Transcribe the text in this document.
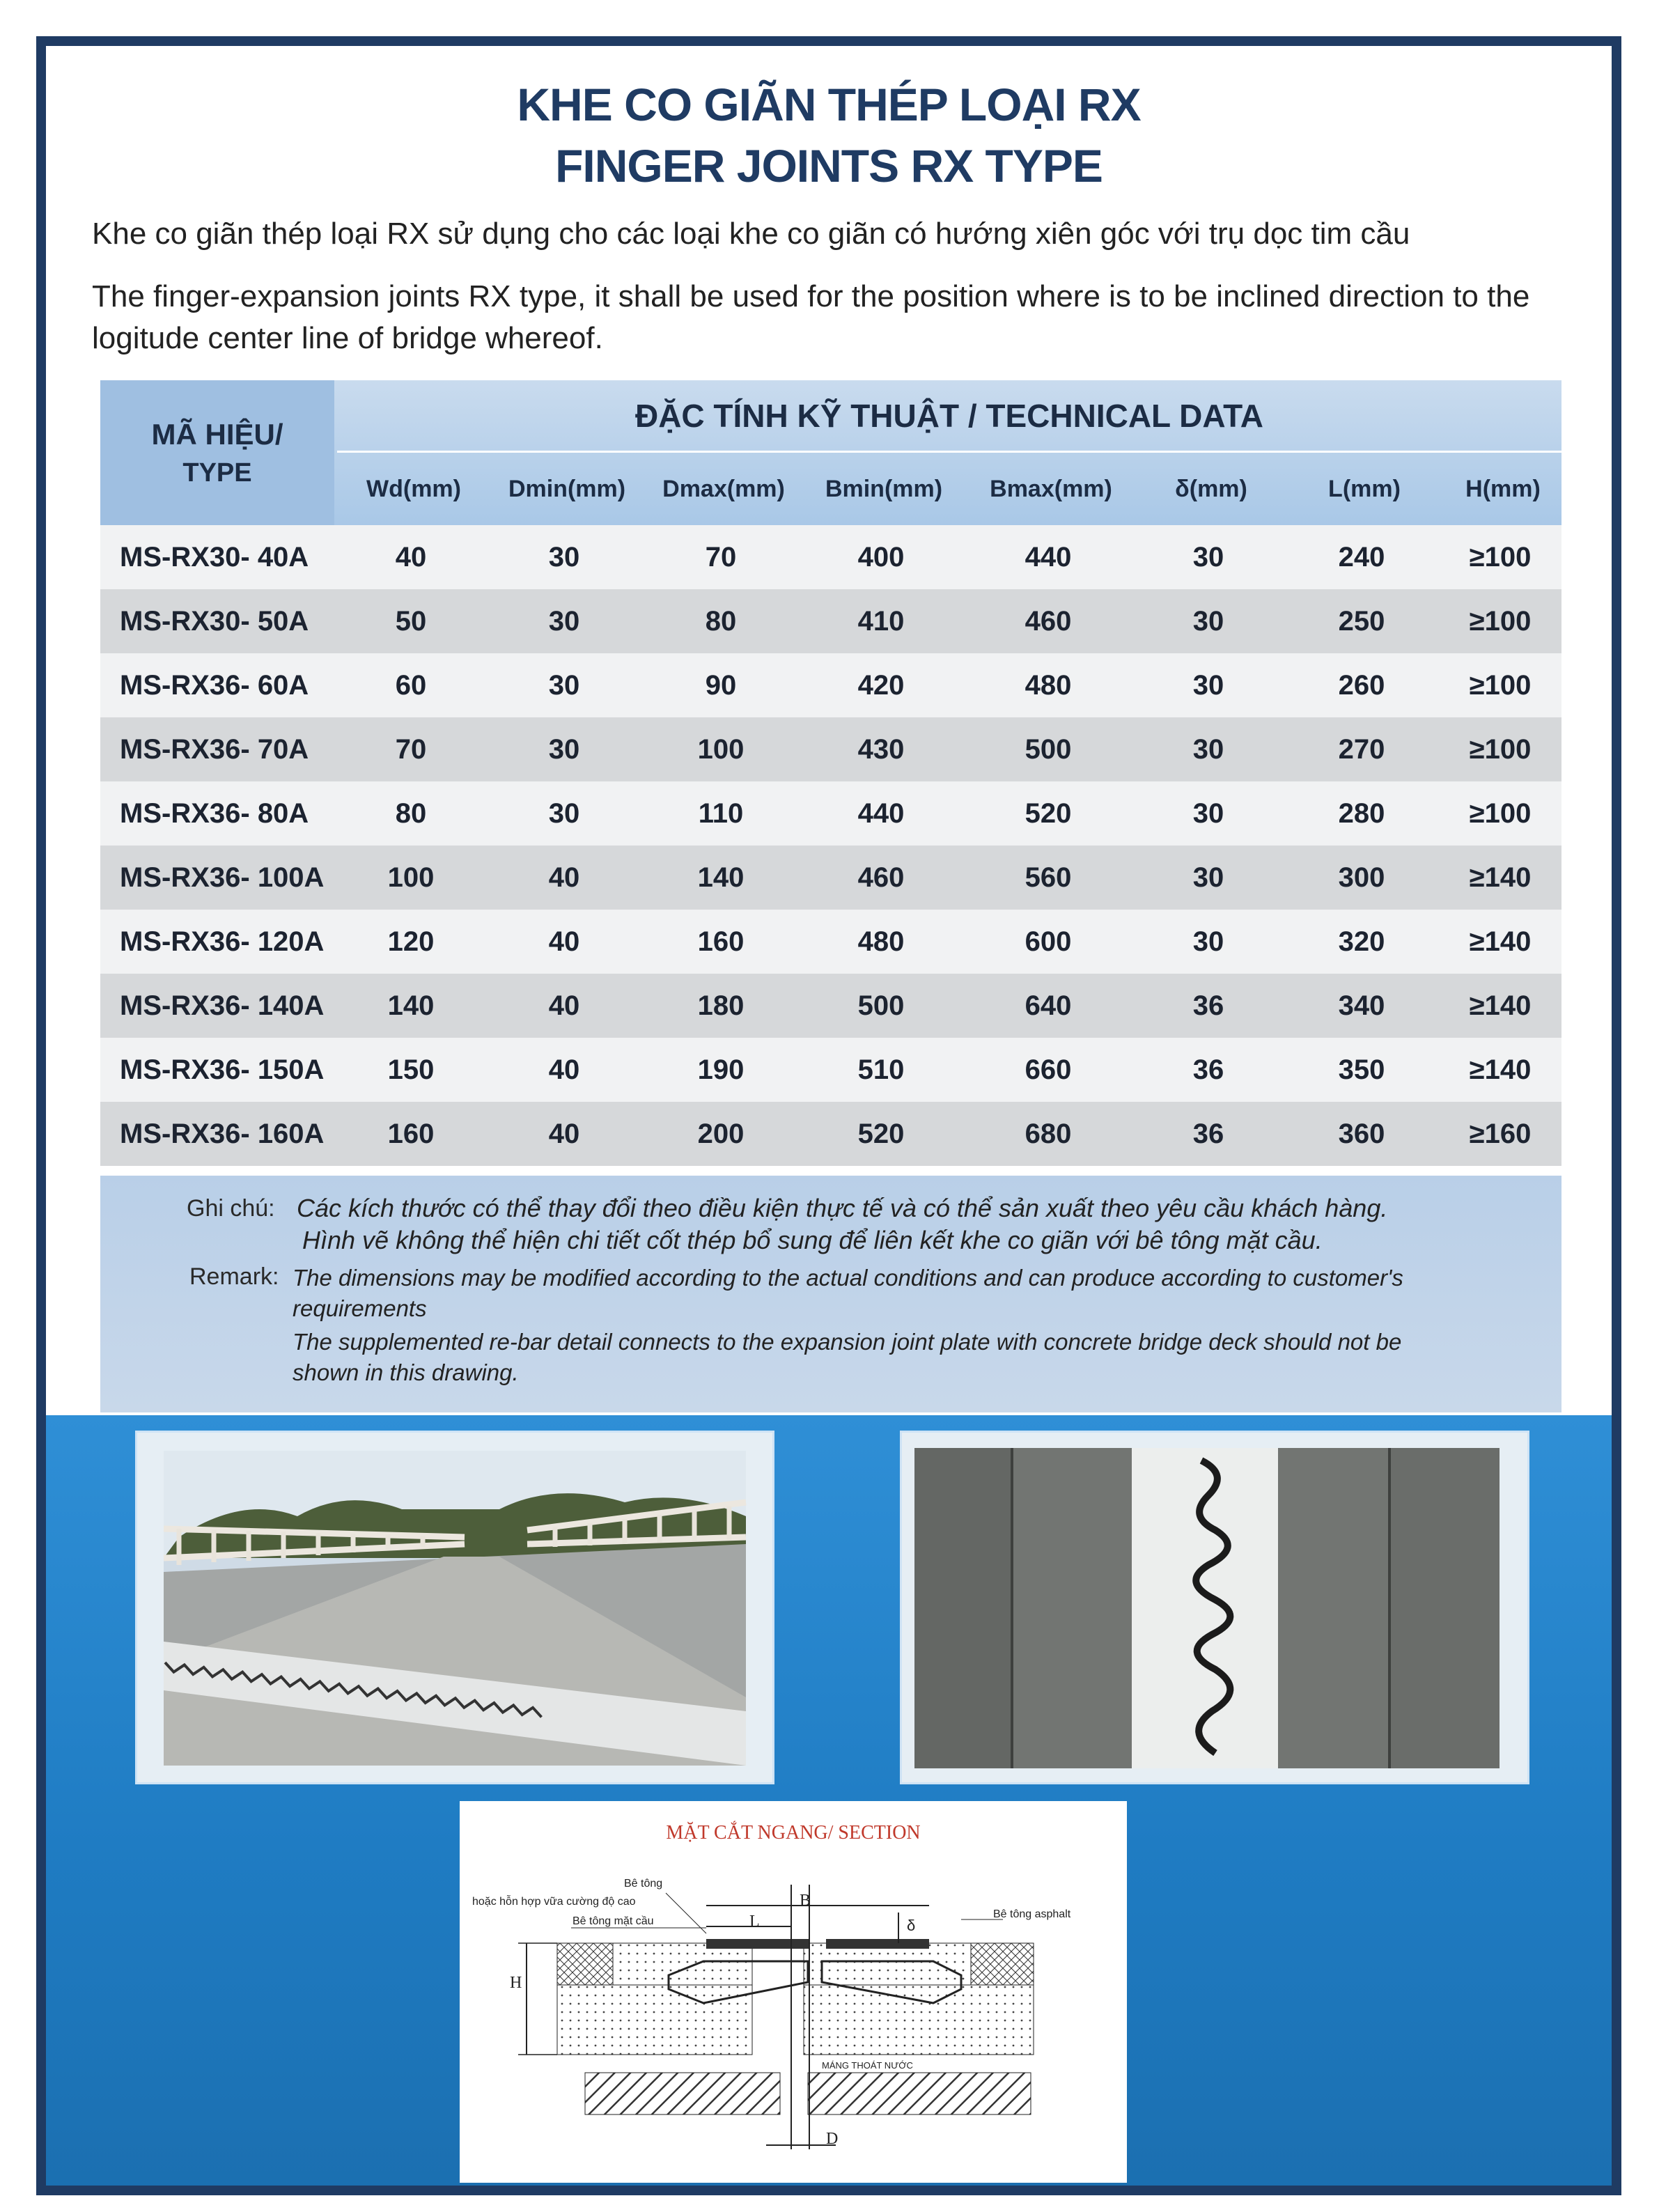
KHE CO GIÃN THÉP LOẠI RX
FINGER JOINTS RX TYPE
Khe co giãn thép loại RX sử dụng cho các loại khe co giãn có hướng xiên góc với trụ dọc tim cầu
The finger-expansion joints RX type, it shall be used for the position where is to be inclined direction to the logitude center line of bridge whereof.
MÃ HIỆU/
TYPE
ĐẶC TÍNH KỸ THUẬT / TECHNICAL DATA
Wd(mm)	Dmin(mm)	Dmax(mm)	Bmin(mm)	Bmax(mm)	δ(mm)	L(mm)	H(mm)
MS-RX30- 40A	40	30	70	400	440	30	240	≥100
MS-RX30- 50A	50	30	80	410	460	30	250	≥100
MS-RX36- 60A	60	30	90	420	480	30	260	≥100
MS-RX36- 70A	70	30	100	430	500	30	270	≥100
MS-RX36- 80A	80	30	110	440	520	30	280	≥100
MS-RX36- 100A	100	40	140	460	560	30	300	≥140
MS-RX36- 120A	120	40	160	480	600	30	320	≥140
MS-RX36- 140A	140	40	180	500	640	36	340	≥140
MS-RX36- 150A	150	40	190	510	660	36	350	≥140
MS-RX36- 160A	160	40	200	520	680	36	360	≥160
Ghi chú: Các kích thước có thể thay đổi theo điều kiện thực tế và có thể sản xuất theo yêu cầu khách hàng.
Hình vẽ không thể hiện chi tiết cốt thép bổ sung để liên kết khe co giãn với bê tông mặt cầu.
Remark: The dimensions may be modified according to the actual conditions and can produce according to customer's
requirements
The supplemented re-bar detail connects to the expansion joint plate with concrete bridge deck should not be
shown in this drawing.
MẶT CẮT NGANG/ SECTION
Bê tông
hoặc hỗn hợp vữa cường độ cao
Bê tông mặt cầu
Bê tông asphalt
MÁNG THOÁT NƯỚC
B
L
H
D
δ
